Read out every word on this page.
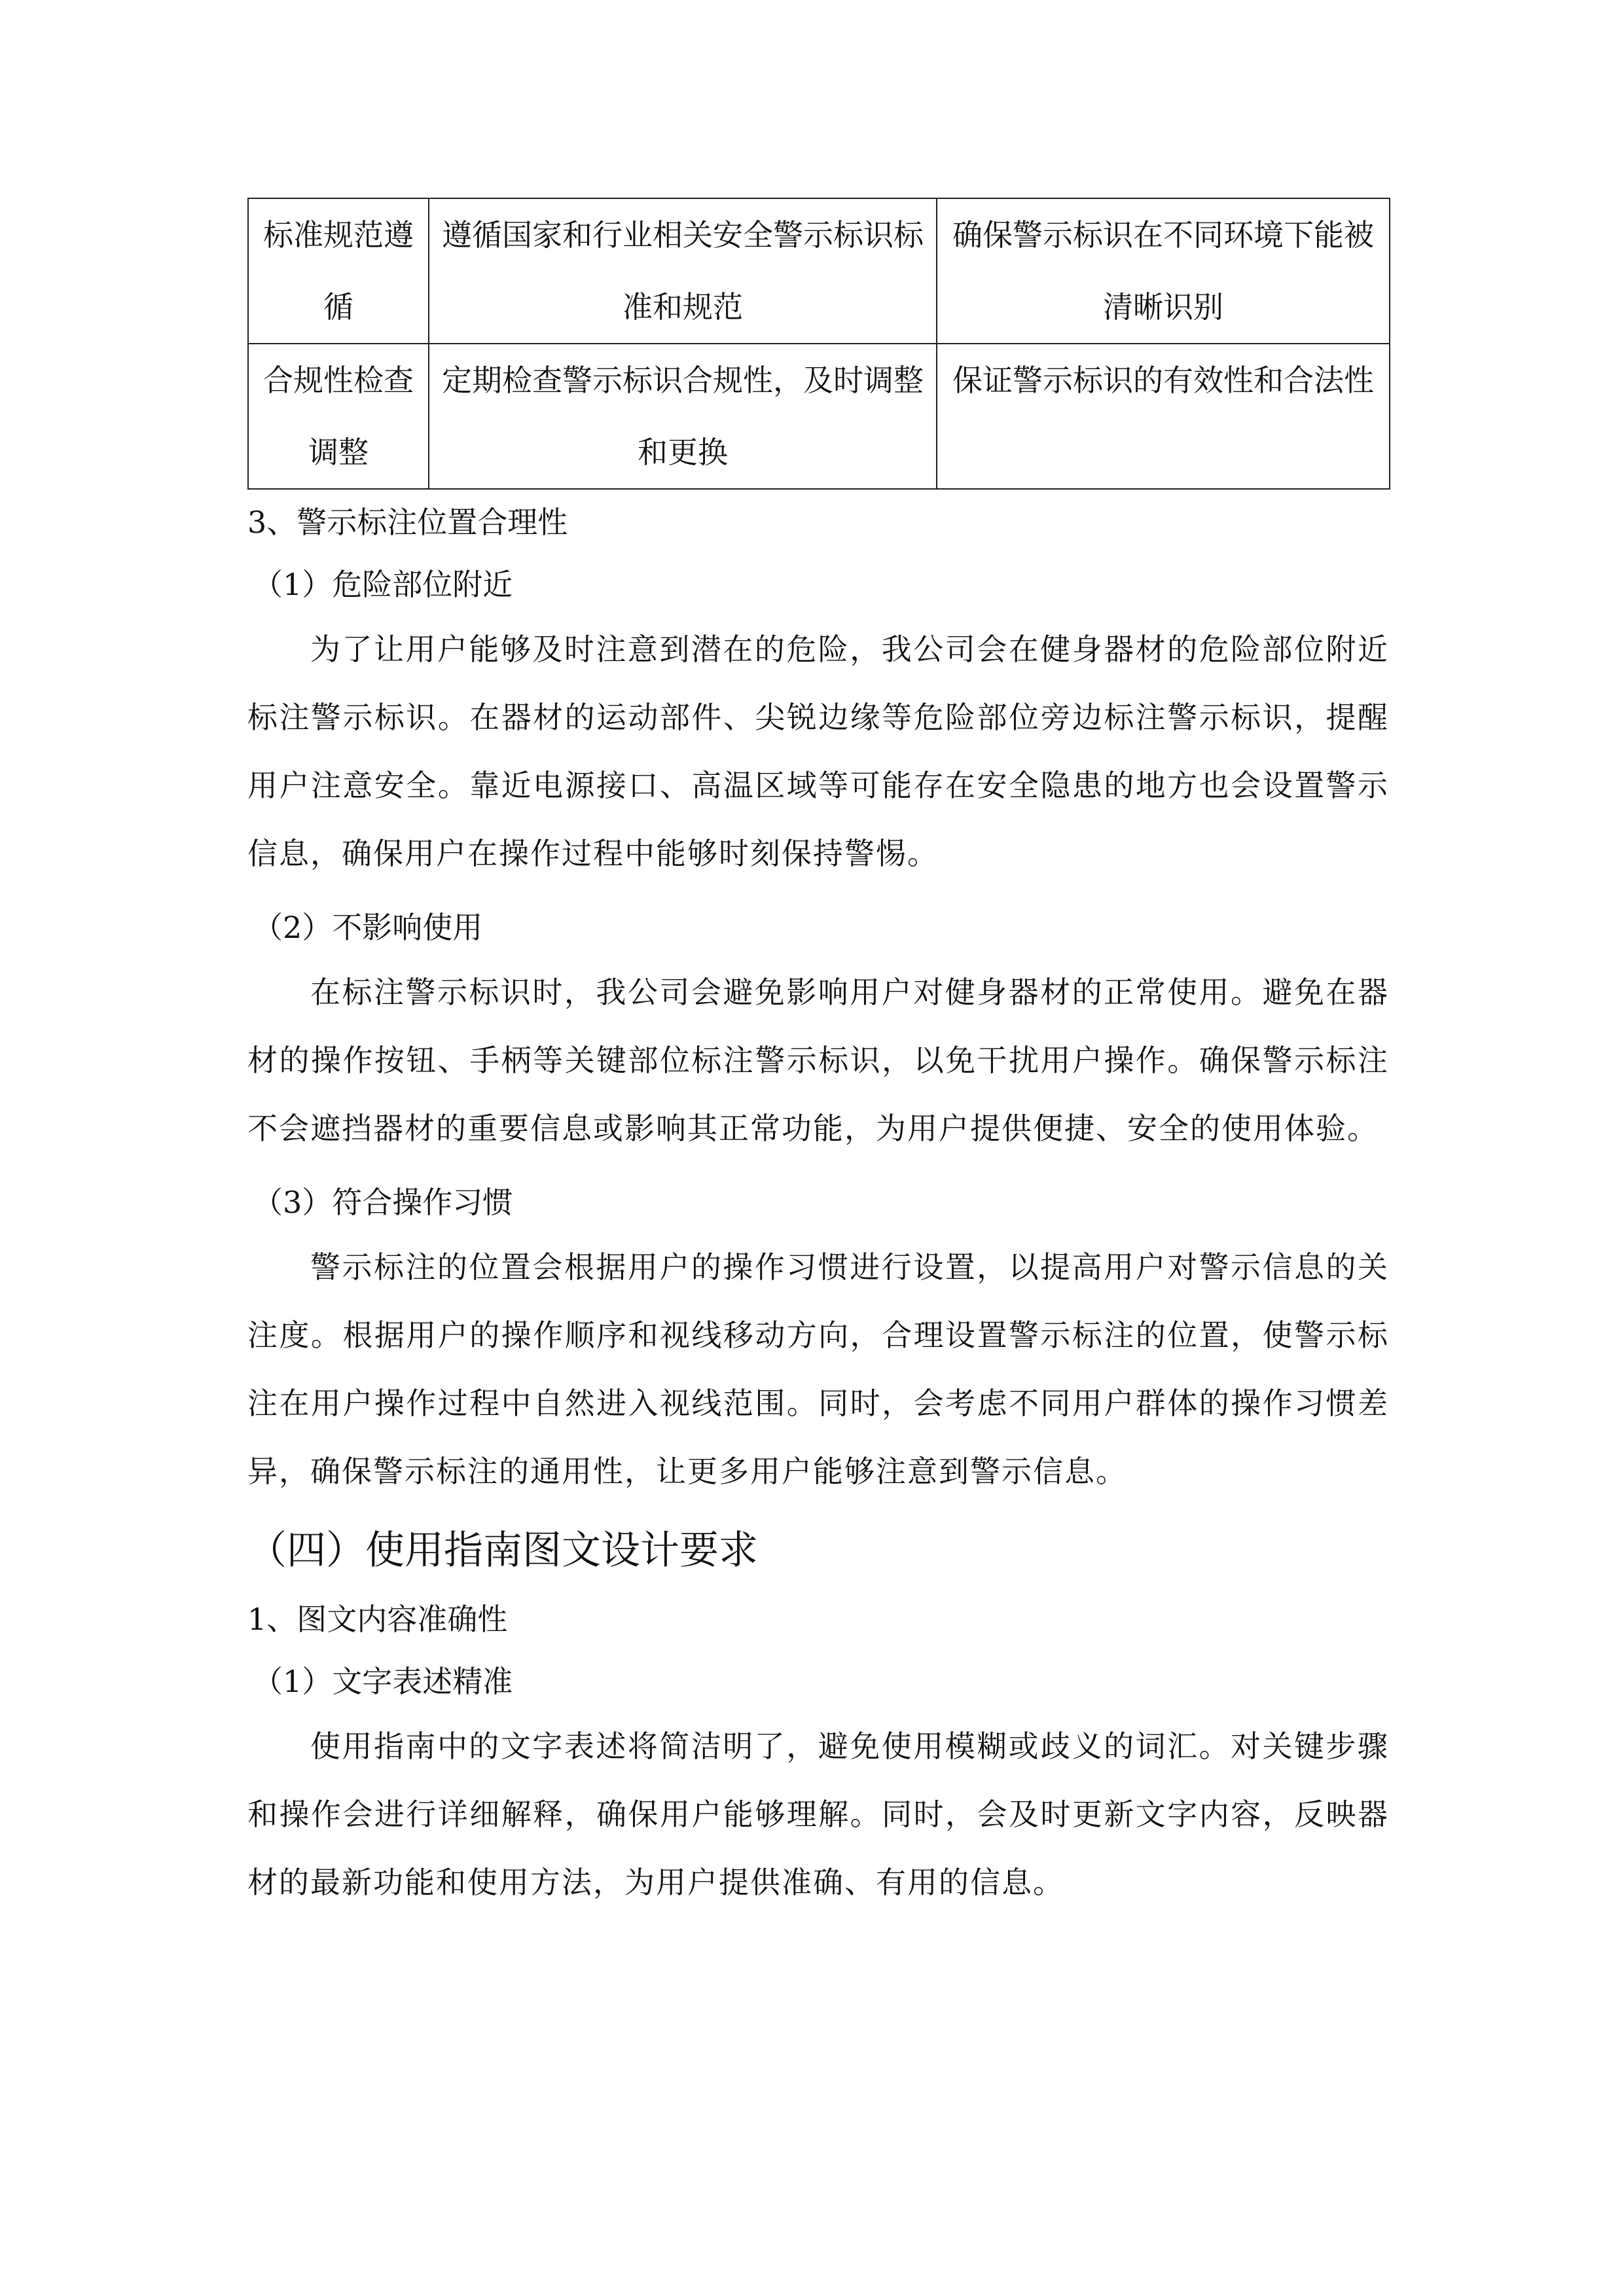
标准规范遵循	遵循国家和行业相关安全警示标识标准和规范	确保警示标识在不同环境下能被清晰识别
合规性检查调整	定期检查警示标识合规性，及时调整和更换	保证警示标识的有效性和合法性
3、警示标注位置合理性
（1）危险部位附近

为了让用户能够及时注意到潜在的危险，我公司会在健身器材的危险部位附近标注警示标识。在器材的运动部件、尖锐边缘等危险部位旁边标注警示标识，提醒用户注意安全。靠近电源接口、高温区域等可能存在安全隐患的地方也会设置警示信息，确保用户在操作过程中能够时刻保持警惕。

（2）不影响使用

在标注警示标识时，我公司会避免影响用户对健身器材的正常使用。避免在器材的操作按钮、手柄等关键部位标注警示标识，以免干扰用户操作。确保警示标注不会遮挡器材的重要信息或影响其正常功能，为用户提供便捷、安全的使用体验。

（3）符合操作习惯

警示标注的位置会根据用户的操作习惯进行设置，以提高用户对警示信息的关注度。根据用户的操作顺序和视线移动方向，合理设置警示标注的位置，使警示标注在用户操作过程中自然进入视线范围。同时，会考虑不同用户群体的操作习惯差异，确保警示标注的通用性，让更多用户能够注意到警示信息。

（四）使用指南图文设计要求
1、图文内容准确性
（1）文字表述精准

使用指南中的文字表述将简洁明了，避免使用模糊或歧义的词汇。对关键步骤和操作会进行详细解释，确保用户能够理解。同时，会及时更新文字内容，反映器材的最新功能和使用方法，为用户提供准确、有用的信息。
